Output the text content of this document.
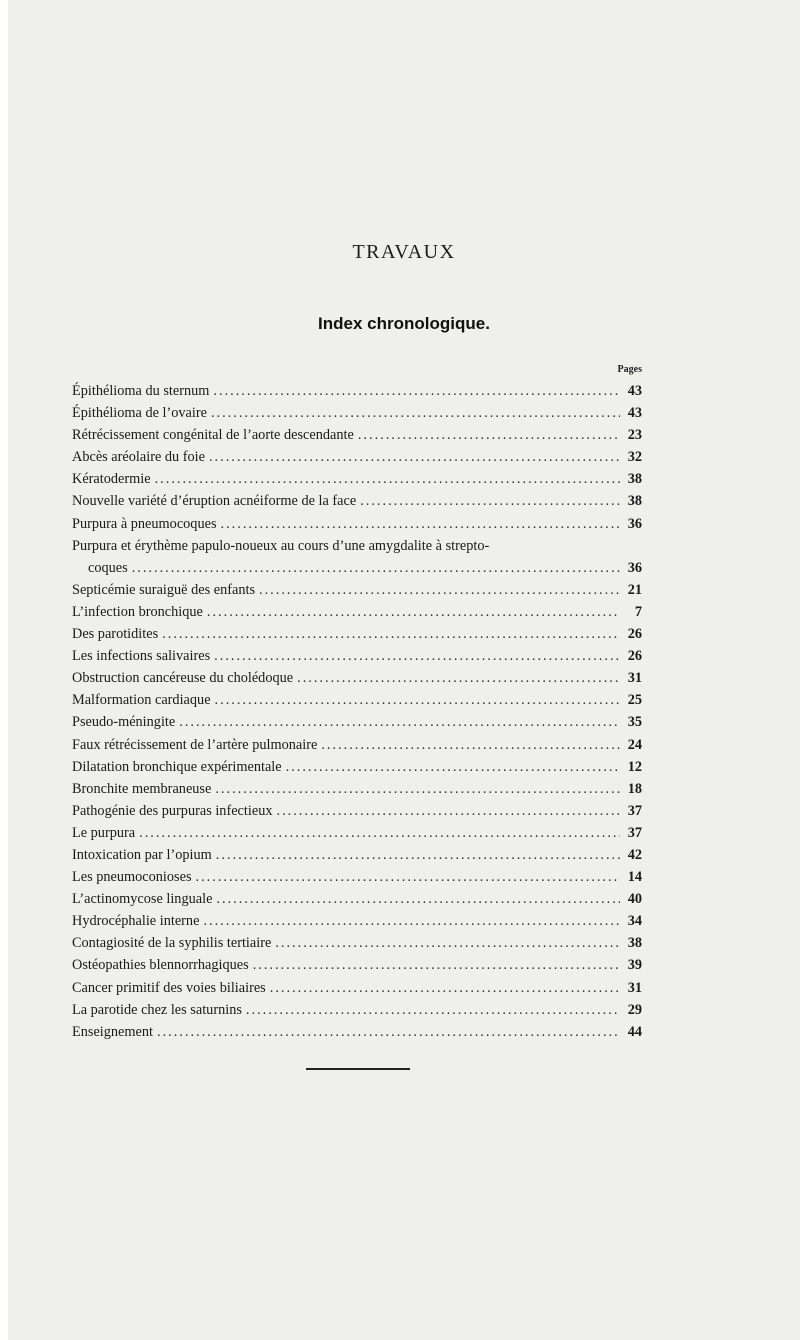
TRAVAUX
Index chronologique.
Pages
Épithélioma du sternum .....	43
Épithélioma de l’ovaire .....	43
Rétrécissement congénital de l’aorte descendante .....	23
Abcès aréolaire du foie .....	32
Kératodermie .....	38
Nouvelle variété d’éruption acnéiforme de la face .....	38
Purpura à pneumocoques .....	36
Purpura et érythème papulo-noueux au cours d’une amygdalite à strepto-
coques .....	36
Septicémie suraiguë des enfants .....	21
L’infection bronchique .....	7
Des parotidites .....	26
Les infections salivaires .....	26
Obstruction cancéreuse du cholédoque .....	31
Malformation cardiaque .....	25
Pseudo-méningite .....	35
Faux rétrécissement de l’artère pulmonaire .....	24
Dilatation bronchique expérimentale .....	12
Bronchite membraneuse .....	18
Pathogénie des purpuras infectieux .....	37
Le purpura .....	37
Intoxication par l’opium .....	42
Les pneumoconioses .....	14
L’actinomycose linguale .....	40
Hydrocéphalie interne .....	34
Contagiosité de la syphilis tertiaire .....	38
Ostéopathies blennorrhagiques .....	39
Cancer primitif des voies biliaires .....	31
La parotide chez les saturnins .....	29
Enseignement .....	44
